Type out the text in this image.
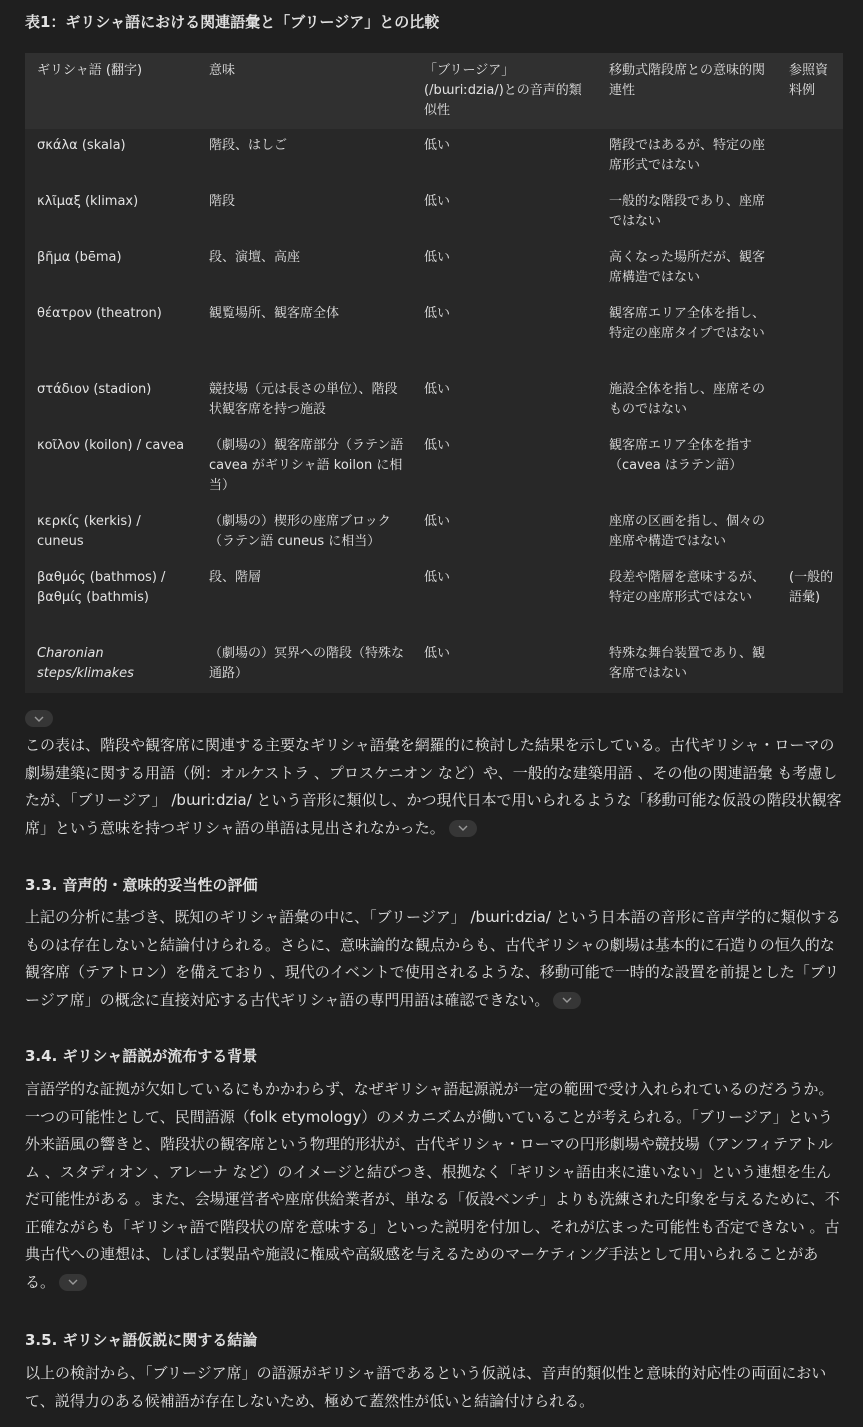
表1：ギリシャ語における関連語彙と「ブリージア」との比較
ギリシャ語 (翻字)	意味	「ブリージア」 (/bɯriːdzia/)との音声的類似性	移動式階段席との意味的関連性	参照資料例
σκάλα (skala)	階段、はしご	低い	階段ではあるが、特定の座席形式ではない	
κλῖμαξ (klimax)	階段	低い	一般的な階段であり、座席ではない	
βῆμα (bēma)	段、演壇、高座	低い	高くなった場所だが、観客席構造ではない	
θέατρον (theatron)	観覧場所、観客席全体	低い	観客席エリア全体を指し、特定の座席タイプではない	
στάδιον (stadion)	競技場（元は長さの単位）、階段状観客席を持つ施設	低い	施設全体を指し、座席そのものではない	
κοῖλον (koilon) / cavea	（劇場の）観客席部分（ラテン語 cavea がギリシャ語 koilon に相当）	低い	観客席エリア全体を指す（cavea はラテン語）	
κερκίς (kerkis) / cuneus	（劇場の）楔形の座席ブロック（ラテン語 cuneus に相当）	低い	座席の区画を指し、個々の座席や構造ではない	
βαθμός (bathmos) / βαθμίς (bathmis)	段、階層	低い	段差や階層を意味するが、特定の座席形式ではない	(一般的語彙)
Charonian steps/klimakes	（劇場の）冥界への階段（特殊な通路）	低い	特殊な舞台装置であり、観客席ではない	
この表は、階段や観客席に関連する主要なギリシャ語彙を網羅的に検討した結果を示している。古代ギリシャ・ローマの劇場建築に関する用語（例：オルケストラ 、プロスケニオン など）や、一般的な建築用語 、その他の関連語彙 も考慮したが、「ブリージア」 /bɯriːdzia/ という音形に類似し、かつ現代日本で用いられるような「移動可能な仮設の階段状観客席」という意味を持つギリシャ語の単語は見出されなかった。
3.3. 音声的・意味的妥当性の評価
上記の分析に基づき、既知のギリシャ語彙の中に、「ブリージア」 /bɯriːdzia/ という日本語の音形に音声学的に類似するものは存在しないと結論付けられる。さらに、意味論的な観点からも、古代ギリシャの劇場は基本的に石造りの恒久的な観客席（テアトロン）を備えており 、現代のイベントで使用されるような、移動可能で一時的な設置を前提とした「ブリージア席」の概念に直接対応する古代ギリシャ語の専門用語は確認できない。
3.4. ギリシャ語説が流布する背景
言語学的な証拠が欠如しているにもかかわらず、なぜギリシャ語起源説が一定の範囲で受け入れられているのだろうか。一つの可能性として、民間語源（folk etymology）のメカニズムが働いていることが考えられる。「ブリージア」という外来語風の響きと、階段状の観客席という物理的形状が、古代ギリシャ・ローマの円形劇場や競技場（アンフィテアトルム 、スタディオン 、アレーナ など）のイメージと結びつき、根拠なく「ギリシャ語由来に違いない」という連想を生んだ可能性がある 。また、会場運営者や座席供給業者が、単なる「仮設ベンチ」よりも洗練された印象を与えるために、不正確ながらも「ギリシャ語で階段状の席を意味する」といった説明を付加し、それが広まった可能性も否定できない 。古典古代への連想は、しばしば製品や施設に権威や高級感を与えるためのマーケティング手法として用いられることがある。
3.5. ギリシャ語仮説に関する結論
以上の検討から、「ブリージア席」の語源がギリシャ語であるという仮説は、音声的類似性と意味的対応性の両面において、説得力のある候補語が存在しないため、極めて蓋然性が低いと結論付けられる。
